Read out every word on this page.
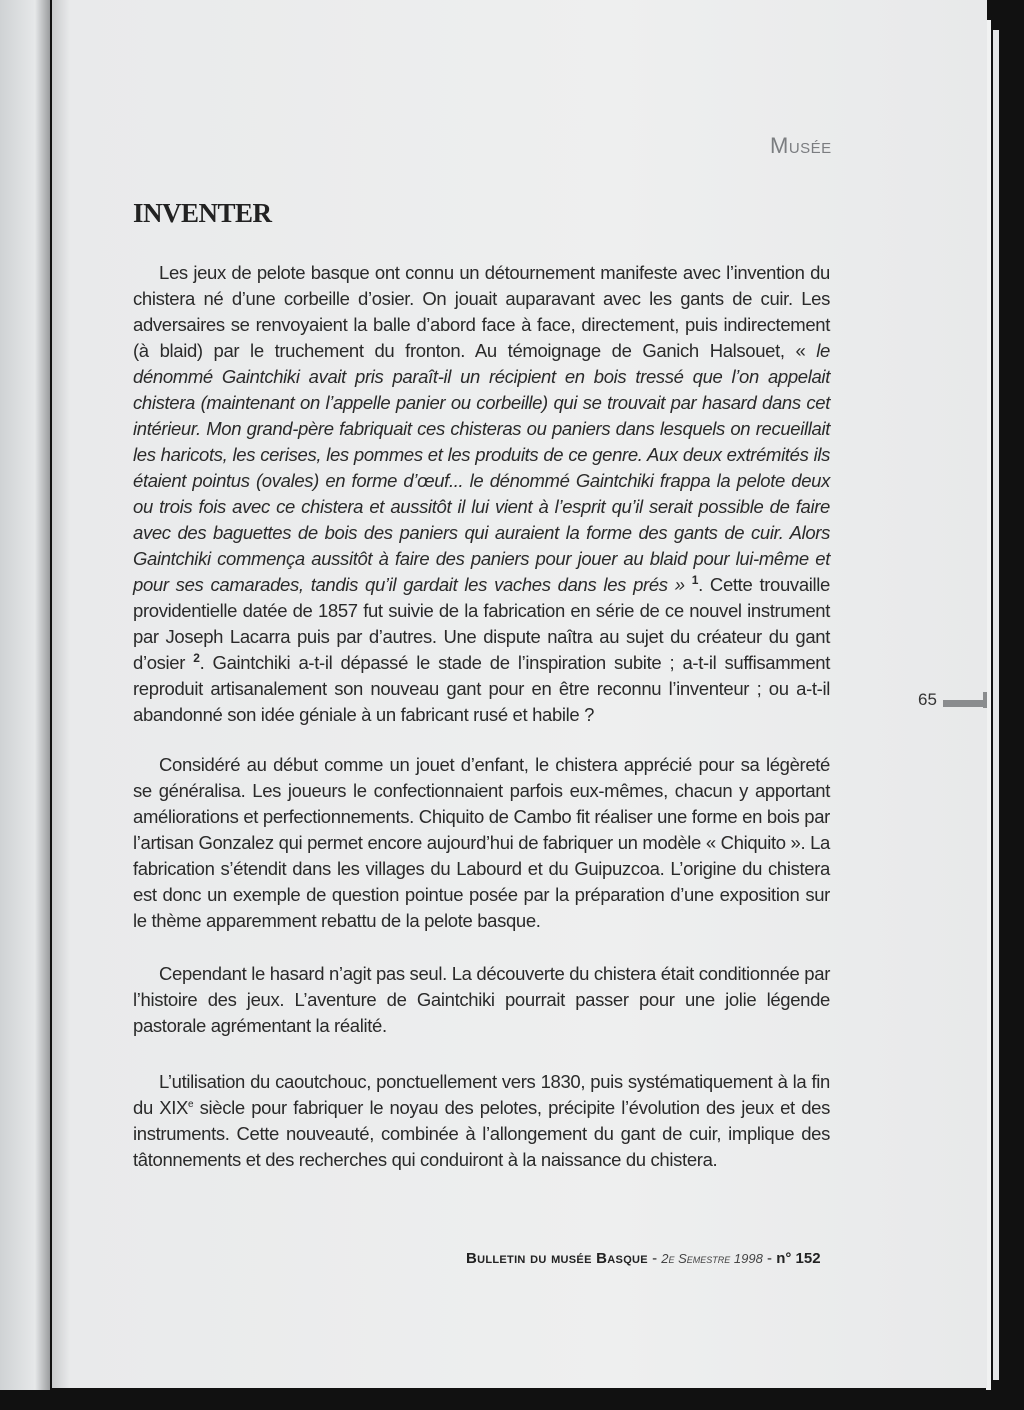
Musée
INVENTER

Les jeux de pelote basque ont connu un détournement manifeste avec l’invention du chistera né d’une corbeille d’osier. On jouait auparavant avec les gants de cuir. Les adversaires se renvoyaient la balle d’abord face à face, directement, puis indirectement (à blaid) par le truchement du fronton. Au témoignage de Ganich Halsouet, « le dénommé Gaintchiki avait pris paraît-il un récipient en bois tressé que l’on appelait chistera (maintenant on l’appelle panier ou corbeille) qui se trouvait par hasard dans cet intérieur. Mon grand-père fabriquait ces chisteras ou paniers dans lesquels on recueillait les haricots, les cerises, les pommes et les produits de ce genre. Aux deux extrémités ils étaient pointus (ovales) en forme d’œuf... le dénommé Gaintchiki frappa la pelote deux ou trois fois avec ce chistera et aussitôt il lui vient à l’esprit qu’il serait possible de faire avec des baguettes de bois des paniers qui auraient la forme des gants de cuir. Alors Gaintchiki commença aussitôt à faire des paniers pour jouer au blaid pour lui-même et pour ses camarades, tandis qu’il gardait les vaches dans les prés » $^1$. Cette trouvaille providentielle datée de 1857 fut suivie de la fabrication en série de ce nouvel instrument par Joseph Lacarra puis par d’autres. Une dispute naîtra au sujet du créateur du gant d’osier $^2$. Gaintchiki a-t-il dépassé le stade de l’inspiration subite ; a-t-il suffisamment reproduit artisanalement son nouveau gant pour en être reconnu l’inventeur ; ou a-t-il abandonné son idée géniale à un fabricant rusé et habile ?

Considéré au début comme un jouet d’enfant, le chistera apprécié pour sa légèreté se généralisa. Les joueurs le confectionnaient parfois eux-mêmes, chacun y apportant améliorations et perfectionnements. Chiquito de Cambo fit réaliser une forme en bois par l’artisan Gonzalez qui permet encore aujourd’hui de fabriquer un modèle « Chiquito ». La fabrication s’étendit dans les villages du Labourd et du Guipuzcoa. L’origine du chistera est donc un exemple de question pointue posée par la préparation d’une exposition sur le thème apparemment rebattu de la pelote basque.

Cependant le hasard n’agit pas seul. La découverte du chistera était conditionnée par l’histoire des jeux. L’aventure de Gaintchiki pourrait passer pour une jolie légende pastorale agrémentant la réalité.

L’utilisation du caoutchouc, ponctuellement vers 1830, puis systématiquement à la fin du XIXe siècle pour fabriquer le noyau des pelotes, précipite l’évolution des jeux et des instruments. Cette nouveauté, combinée à l’allongement du gant de cuir, implique des tâtonnements et des recherches qui conduiront à la naissance du chistera.

65
Bulletin du musée Basque - 2e Semestre 1998 - n° 152
